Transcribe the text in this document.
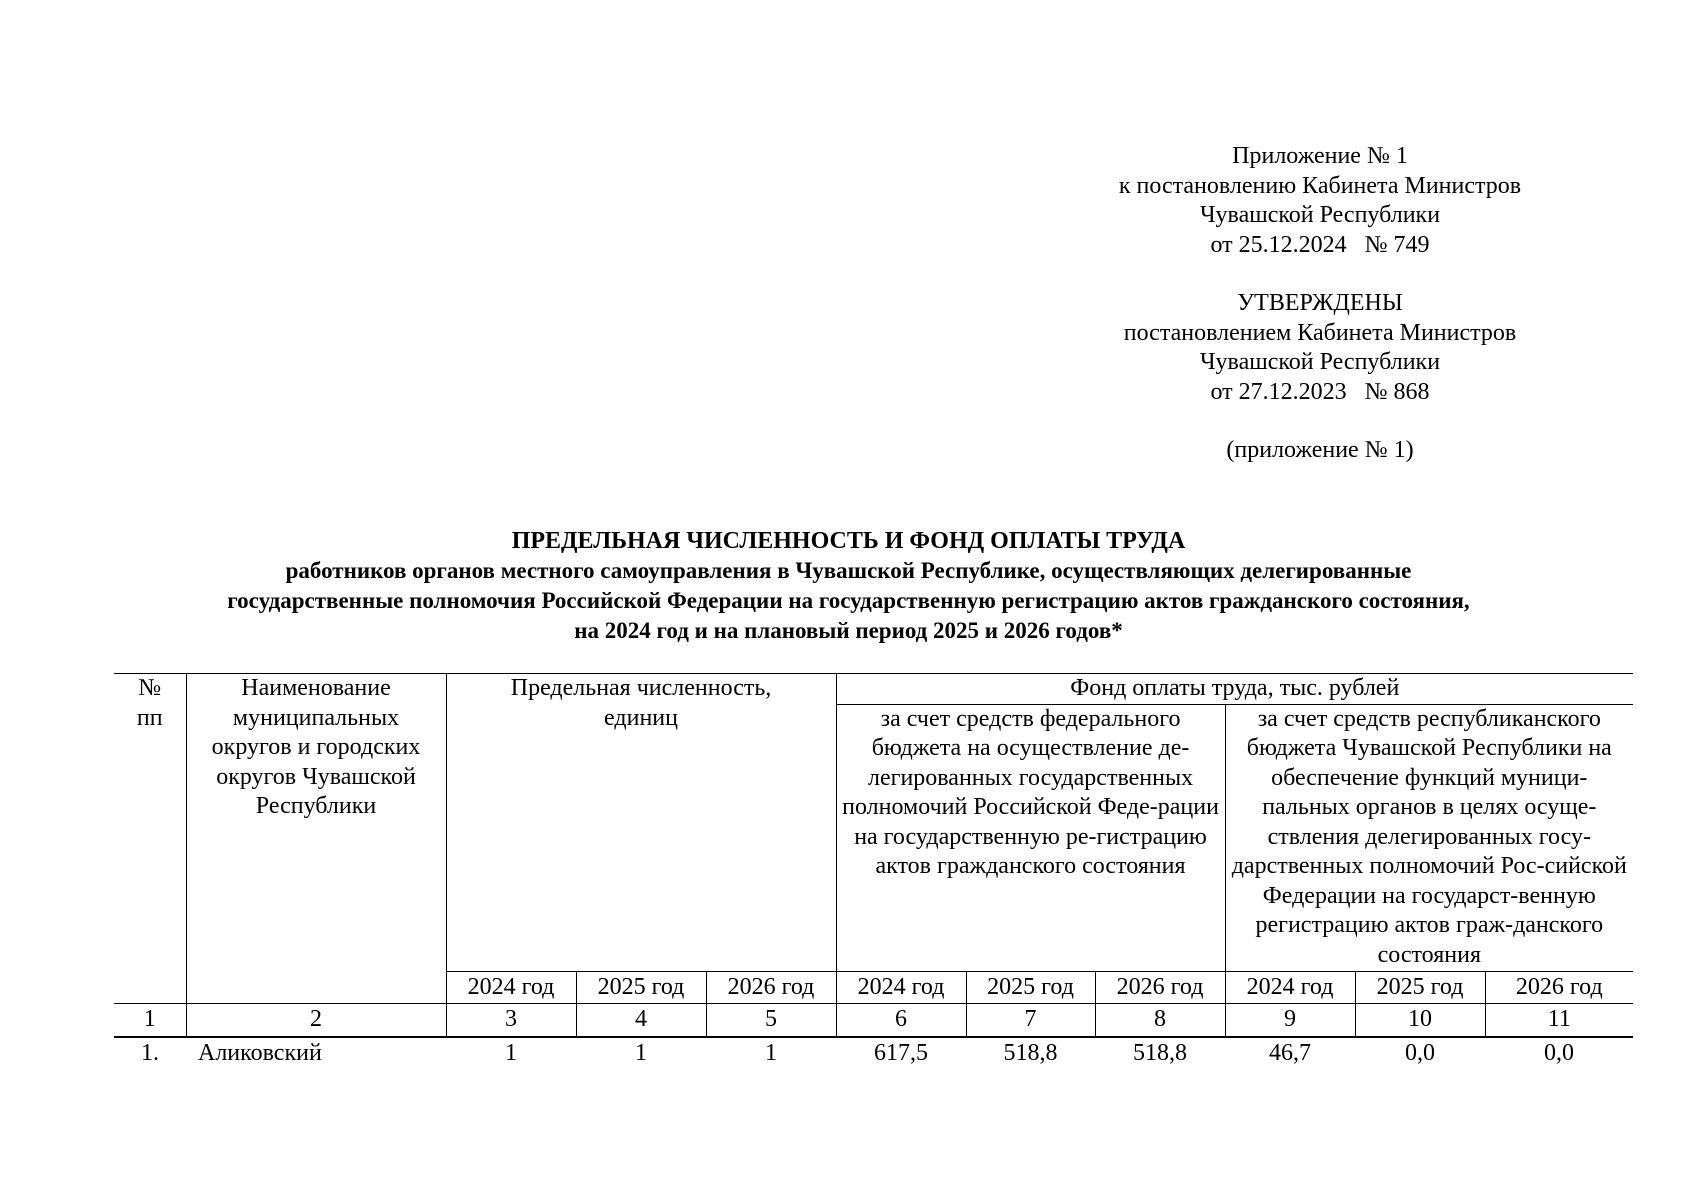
Приложение № 1
к постановлению Кабинета Министров
Чувашской Республики
от 25.12.2024   № 749
УТВЕРЖДЕНЫ
постановлением Кабинета Министров
Чувашской Республики
от 27.12.2023   № 868
(приложение № 1)
ПРЕДЕЛЬНАЯ ЧИСЛЕННОСТЬ И ФОНД ОПЛАТЫ ТРУДА
работников органов местного самоуправления в Чувашской Республике, осуществляющих делегированные
государственные полномочия Российской Федерации на государственную регистрацию актов гражданского состояния,
на 2024 год и на плановый период 2025 и 2026 годов*
№ пп	Наименование муниципальных округов и городских округов Чувашской Республики	Предельная численность, единиц			Фонд оплаты труда, тыс. рублей					
					за счет средств федерального бюджета на осуществление де-легированных государственных полномочий Российской Феде-рации на государственную ре-гистрацию актов гражданского состояния			за счет средств республиканского бюджета Чувашской Республики на обеспечение функций муници-пальных органов в целях осуще-ствления делегированных госу-дарственных полномочий Рос-сийской Федерации на государст-венную регистрацию актов граж-данского состояния		
		2024 год	2025 год	2026 год	2024 год	2025 год	2026 год	2024 год	2025 год	2026 год
1	2	3	4	5	6	7	8	9	10	11
1.	Аликовский	1	1	1	617,5	518,8	518,8	46,7	0,0	0,0
